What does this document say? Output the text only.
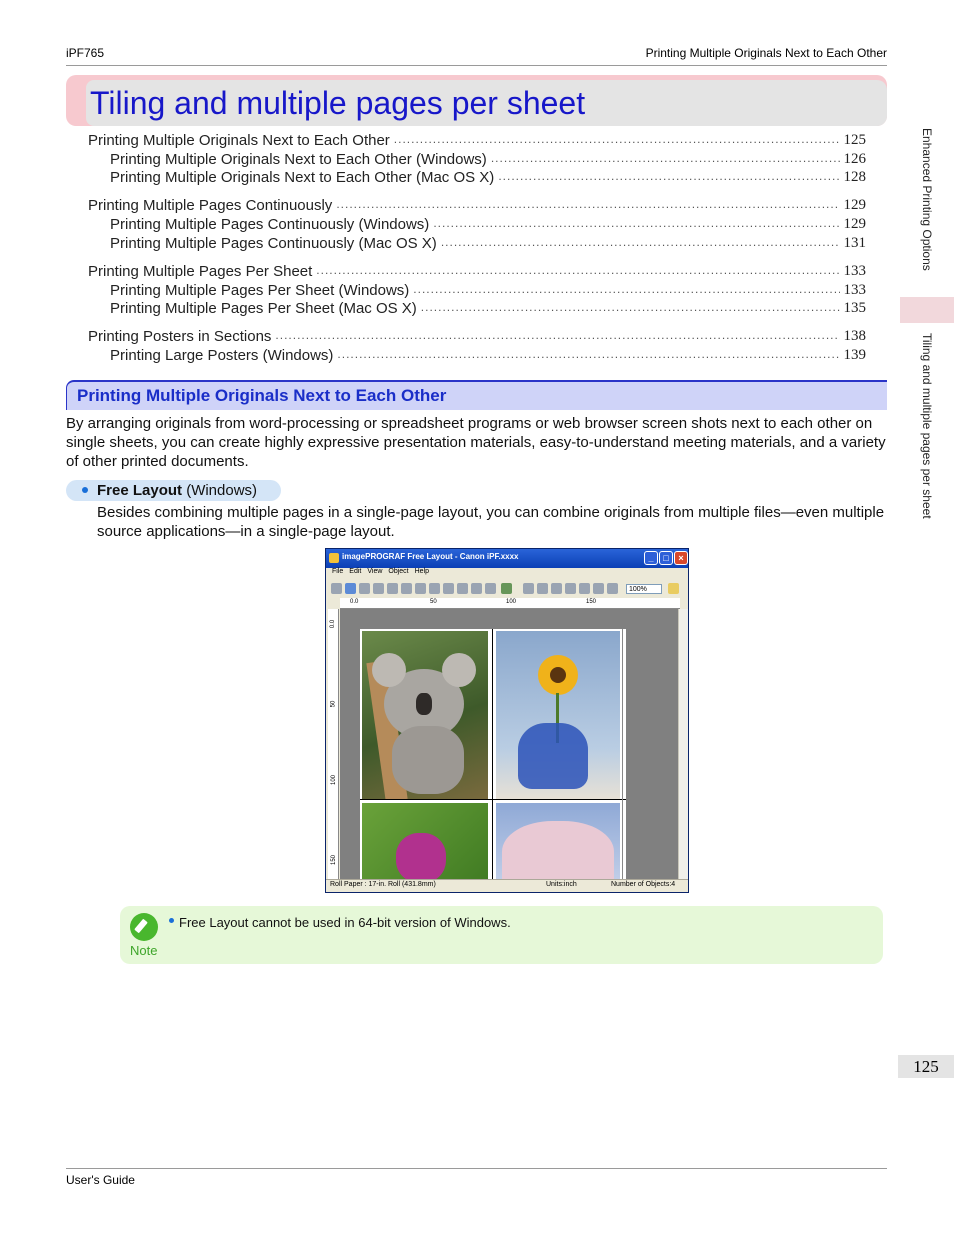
iPF765	Printing Multiple Originals Next to Each Other
Enhanced Printing Options
Tiling and multiple pages per sheet
Tiling and multiple pages per sheet
Printing Multiple Originals Next to Each Other .....	125
Printing Multiple Originals Next to Each Other (Windows) .....	126
Printing Multiple Originals Next to Each Other (Mac OS X) .....	128
Printing Multiple Pages Continuously .....	129
Printing Multiple Pages Continuously (Windows) .....	129
Printing Multiple Pages Continuously (Mac OS X) .....	131
Printing Multiple Pages Per Sheet .....	133
Printing Multiple Pages Per Sheet (Windows) .....	133
Printing Multiple Pages Per Sheet (Mac OS X) .....	135
Printing Posters in Sections .....	138
Printing Large Posters (Windows) .....	139
Printing Multiple Originals Next to Each Other
By arranging originals from word-processing or spreadsheet programs or web browser screen shots next to each other on single sheets, you can create highly expressive presentation materials, easy-to-understand meeting materials, and a variety of other printed documents.
Free Layout (Windows)
Besides combining multiple pages in a single-page layout, you can combine originals from multiple files—even multiple source applications—in a single-page layout.
imagePROGRAF Free Layout - Canon iPF.xxxx	_	□	×
File Edit View Object Help
100%
0.0	50	100	150
0.0
50
100
150
Roll Paper : 17-in. Roll (431.8mm)	Units:inch	Number of Objects:4
Note
Free Layout cannot be used in 64-bit version of Windows.
125
User's Guide
